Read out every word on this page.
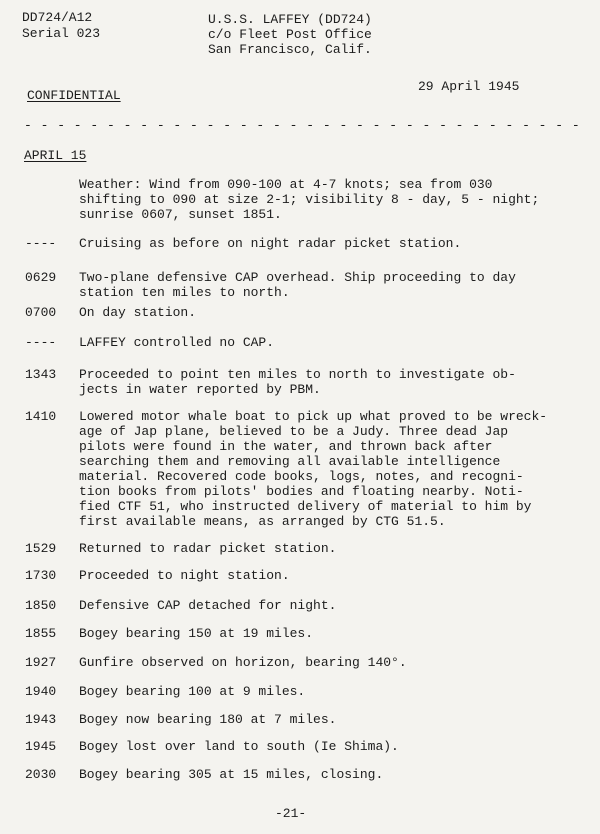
DD724/A12
Serial 023
U.S.S. LAFFEY (DD724)
c/o Fleet Post Office
San Francisco, Calif.
29 April 1945
CONFIDENTIAL
- - - - - - - - - - - - - - - - - - - - - - - - - - - - - - - - - -
APRIL 15
Weather: Wind from 090-100 at 4-7 knots; sea from 030
shifting to 090 at size 2-1; visibility 8 - day, 5 - night;
sunrise 0607, sunset 1851.
---- Cruising as before on night radar picket station.
0629 Two-plane defensive CAP overhead. Ship proceeding to day
station ten miles to north.
0700 On day station.
---- LAFFEY controlled no CAP.
1343 Proceeded to point ten miles to north to investigate ob-
jects in water reported by PBM.
1410 Lowered motor whale boat to pick up what proved to be wreck-
age of Jap plane, believed to be a Judy. Three dead Jap
pilots were found in the water, and thrown back after
searching them and removing all available intelligence
material. Recovered code books, logs, notes, and recogni-
tion books from pilots' bodies and floating nearby. Noti-
fied CTF 51, who instructed delivery of material to him by
first available means, as arranged by CTG 51.5.
1529 Returned to radar picket station.
1730 Proceeded to night station.
1850 Defensive CAP detached for night.
1855 Bogey bearing 150 at 19 miles.
1927 Gunfire observed on horizon, bearing 140°.
1940 Bogey bearing 100 at 9 miles.
1943 Bogey now bearing 180 at 7 miles.
1945 Bogey lost over land to south (Ie Shima).
2030 Bogey bearing 305 at 15 miles, closing.
-21-
